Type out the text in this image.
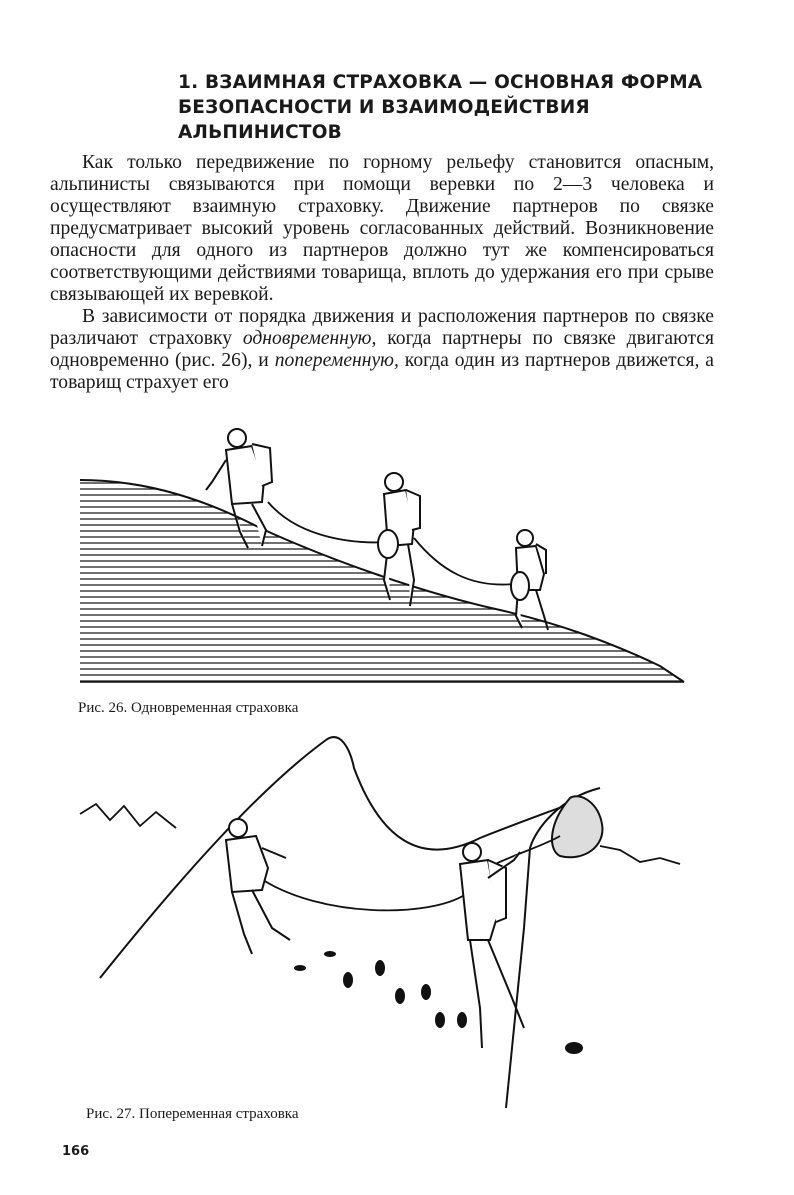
1. ВЗАИМНАЯ СТРАХОВКА — ОСНОВНАЯ ФОРМА
БЕЗОПАСНОСТИ И ВЗАИМОДЕЙСТВИЯ
АЛЬПИНИСТОВ

Как только передвижение по горному рельефу становится опасным, альпинисты связываются при помощи веревки по 2—3 человека и осуществляют взаимную страховку. Движение партнеров по связке предусматривает высокий уровень согласованных действий. Возникновение опасности для одного из партнеров должно тут же компенсироваться соответствующими действиями товарища, вплоть до удержания его при срыве связывающей их веревкой.

В зависимости от порядка движения и расположения партнеров по связке различают страховку одновременную, когда партнеры по связке двигаются одновременно (рис. 26), и попеременную, когда один из партнеров движется, а товарищ страхует его

Рис. 26. Одновременная страховка
Рис. 27. Попеременная страховка
166
